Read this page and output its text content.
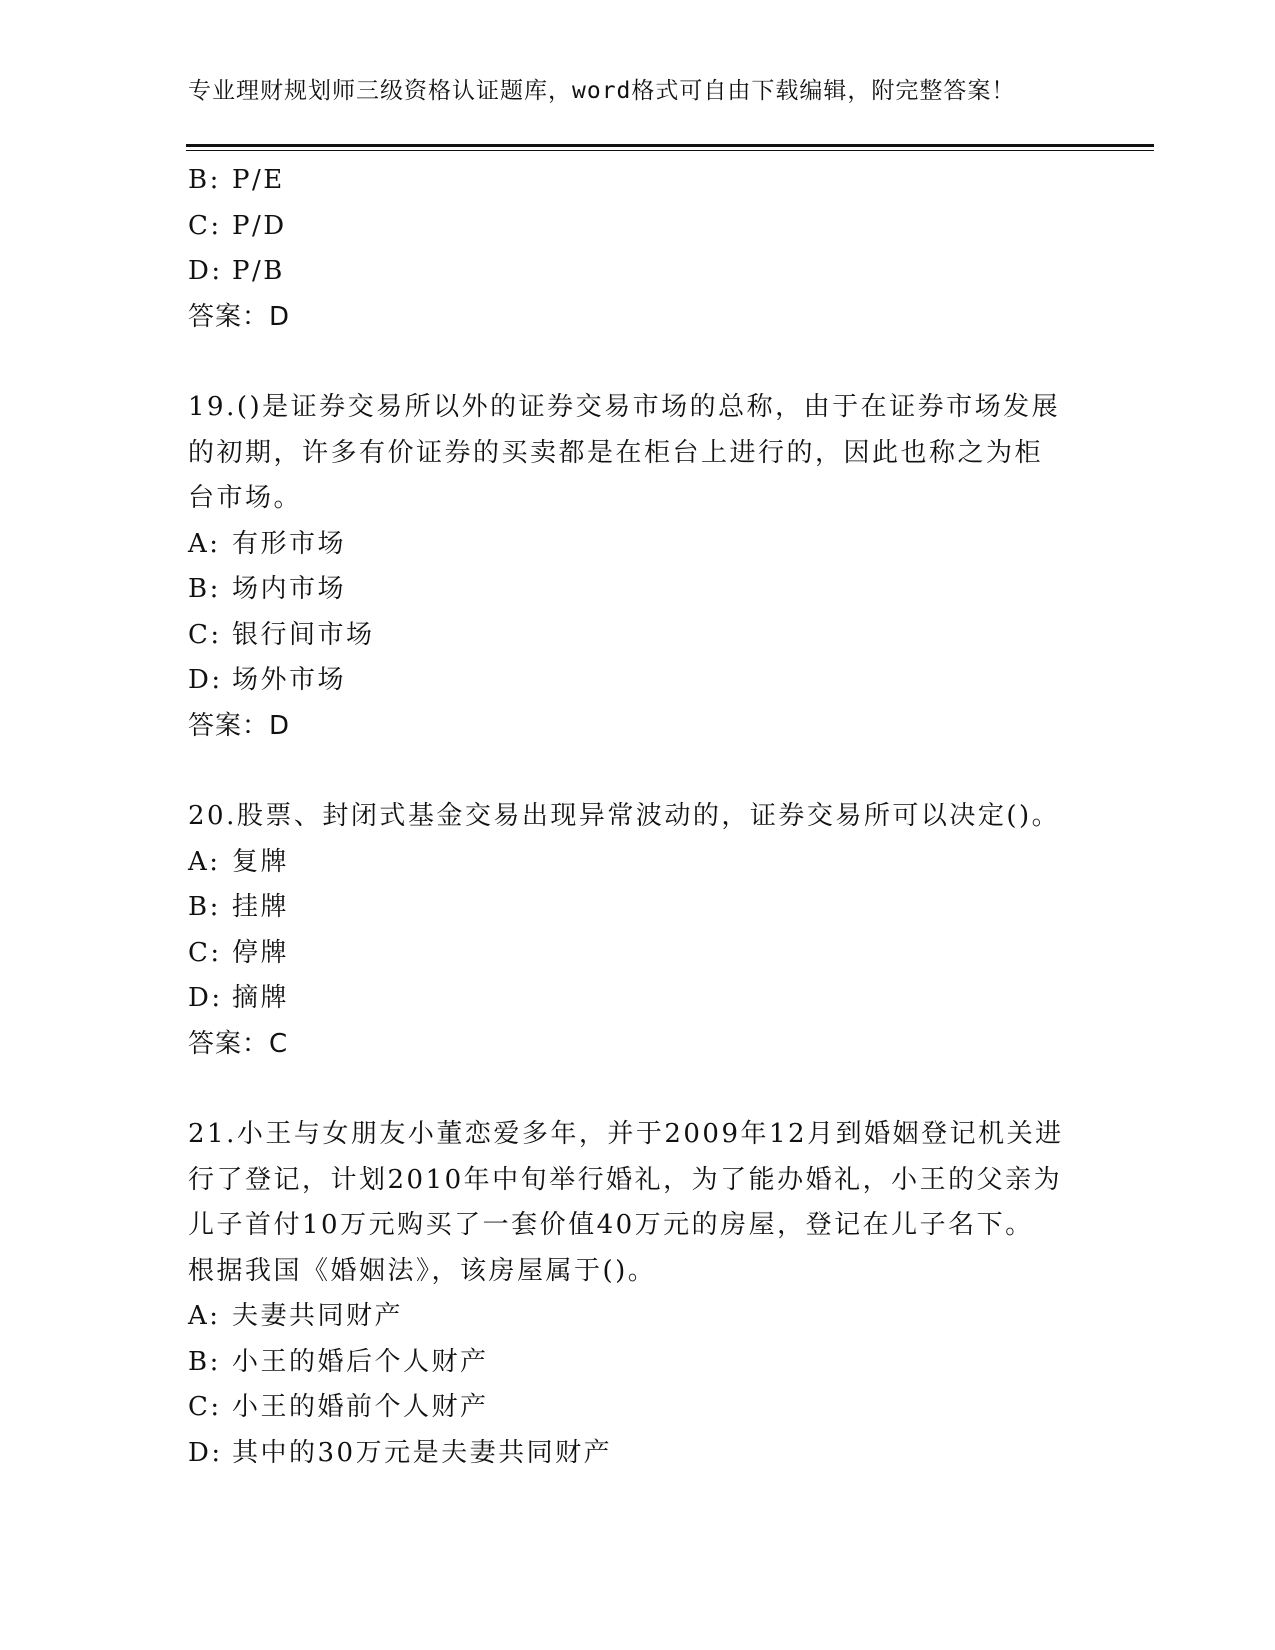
专业理财规划师三级资格认证题库，word格式可自由下载编辑，附完整答案！
B: P/E
C: P/D
D: P/B
答案：D
19.()是证券交易所以外的证券交易市场的总称，由于在证券市场发展
的初期，许多有价证券的买卖都是在柜台上进行的，因此也称之为柜
台市场。
A: 有形市场
B: 场内市场
C: 银行间市场
D: 场外市场
答案：D
20.股票、封闭式基金交易出现异常波动的，证券交易所可以决定()。
A: 复牌
B: 挂牌
C: 停牌
D: 摘牌
答案：C
21.小王与女朋友小董恋爱多年，并于2009年12月到婚姻登记机关进
行了登记，计划2010年中旬举行婚礼，为了能办婚礼，小王的父亲为
儿子首付10万元购买了一套价值40万元的房屋，登记在儿子名下。
根据我国《婚姻法》，该房屋属于()。
A: 夫妻共同财产
B: 小王的婚后个人财产
C: 小王的婚前个人财产
D: 其中的30万元是夫妻共同财产
